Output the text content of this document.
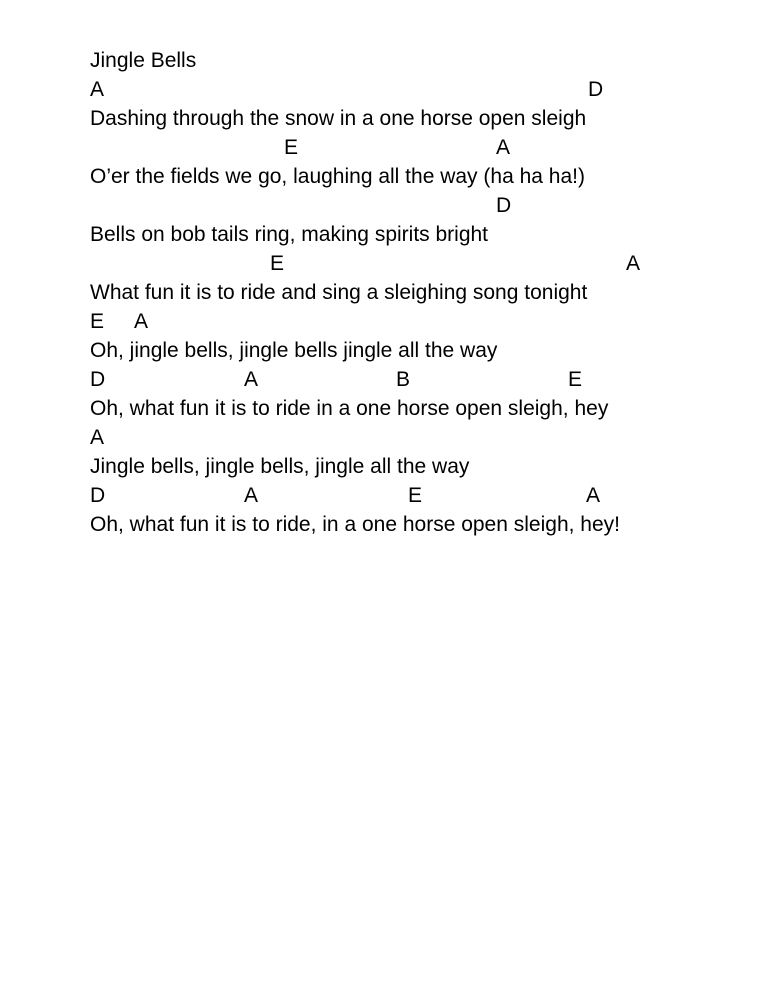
Jingle Bells

A

	D

Dashing through the snow in a one horse open sleigh

E

	A

O’er the fields we go, laughing all the way (ha ha ha!)

D

Bells on bob tails ring, making spirits bright

E

	A

What fun it is to ride and sing a sleighing song tonight

E

A

Oh, jingle bells, jingle bells jingle all the way

D

	A

	B

	E

Oh, what fun it is to ride in a one horse open sleigh, hey

A

Jingle bells, jingle bells, jingle all the way

D

	A

	E

	A

Oh, what fun it is to ride, in a one horse open sleigh, hey!
